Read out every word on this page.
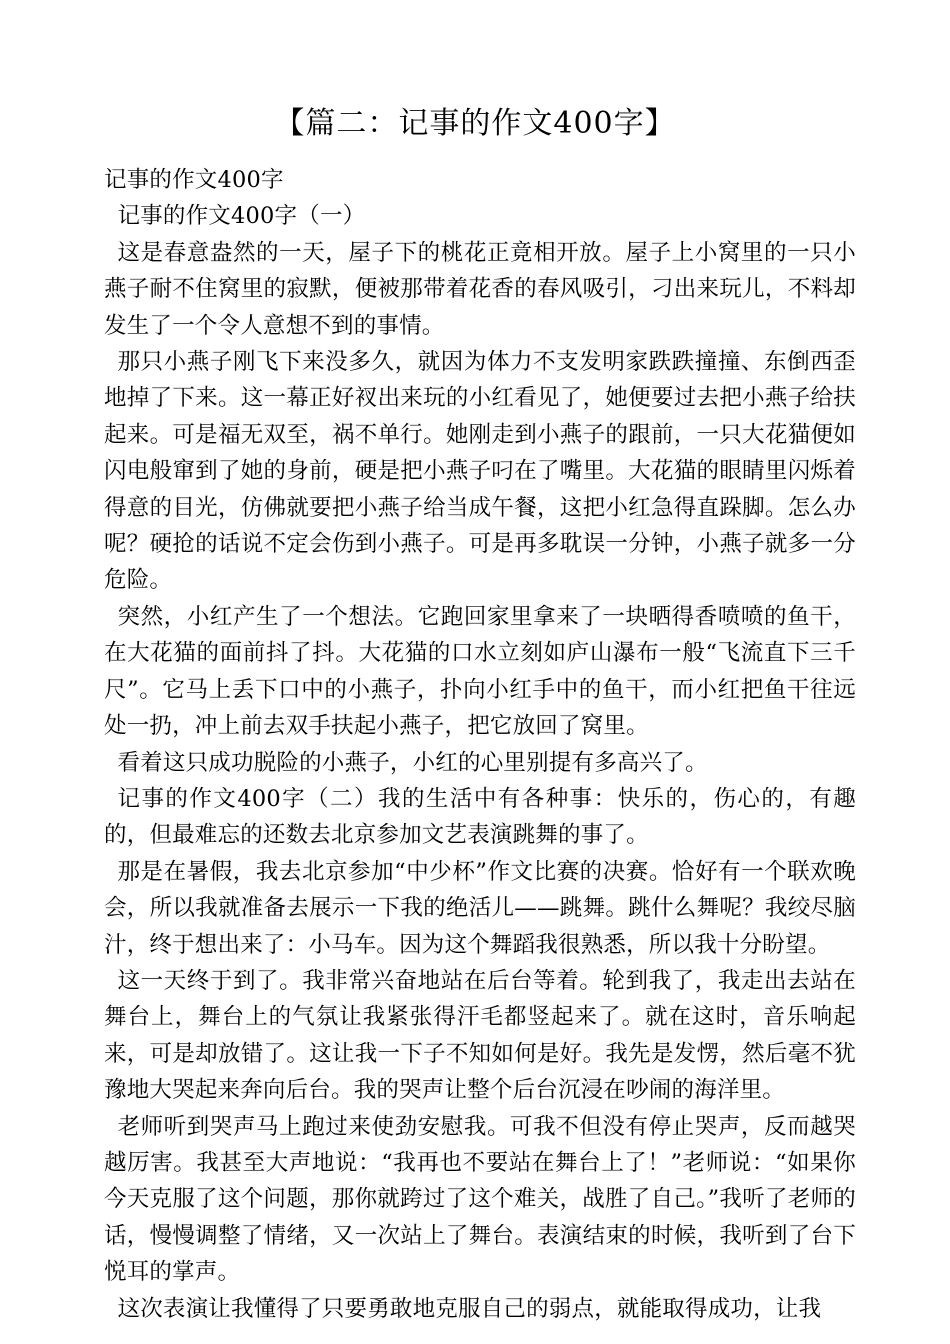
【篇二：记事的作文400字】

记事的作文400字

记事的作文400字（一）

这是春意盎然的一天，屋子下的桃花正竟相开放。屋子上小窝里的一只小燕子耐不住窝里的寂默，便被那带着花香的春风吸引，刁出来玩儿，不料却发生了一个令人意想不到的事情。

那只小燕子刚飞下来没多久，就因为体力不支发明家跌跌撞撞、东倒西歪地掉了下来。这一幕正好衩出来玩的小红看见了，她便要过去把小燕子给扶起来。可是福无双至，祸不单行。她刚走到小燕子的跟前，一只大花猫便如闪电般窜到了她的身前，硬是把小燕子叼在了嘴里。大花猫的眼睛里闪烁着得意的目光，仿佛就要把小燕子给当成午餐，这把小红急得直跺脚。怎么办呢？硬抢的话说不定会伤到小燕子。可是再多耽误一分钟，小燕子就多一分危险。

突然，小红产生了一个想法。它跑回家里拿来了一块晒得香喷喷的鱼干，在大花猫的面前抖了抖。大花猫的口水立刻如庐山瀑布一般“飞流直下三千尺”。它马上丢下口中的小燕子，扑向小红手中的鱼干，而小红把鱼干往远处一扔，冲上前去双手扶起小燕子，把它放回了窝里。

看着这只成功脱险的小燕子，小红的心里别提有多高兴了。

记事的作文400字（二）我的生活中有各种事：快乐的，伤心的，有趣的，但最难忘的还数去北京参加文艺表演跳舞的事了。

那是在暑假，我去北京参加“中少杯”作文比赛的决赛。恰好有一个联欢晚会，所以我就准备去展示一下我的绝活儿——跳舞。跳什么舞呢？我绞尽脑汁，终于想出来了：小马车。因为这个舞蹈我很熟悉，所以我十分盼望。

这一天终于到了。我非常兴奋地站在后台等着。轮到我了，我走出去站在舞台上，舞台上的气氛让我紧张得汗毛都竖起来了。就在这时，音乐响起来，可是却放错了。这让我一下子不知如何是好。我先是发愣，然后毫不犹豫地大哭起来奔向后台。我的哭声让整个后台沉浸在吵闹的海洋里。

老师听到哭声马上跑过来使劲安慰我。可我不但没有停止哭声，反而越哭越厉害。我甚至大声地说：“我再也不要站在舞台上了！”老师说：“如果你今天克服了这个问题，那你就跨过了这个难关，战胜了自己。”我听了老师的话，慢慢调整了情绪，又一次站上了舞台。表演结束的时候，我听到了台下悦耳的掌声。

这次表演让我懂得了只要勇敢地克服自己的弱点，就能取得成功，让我
